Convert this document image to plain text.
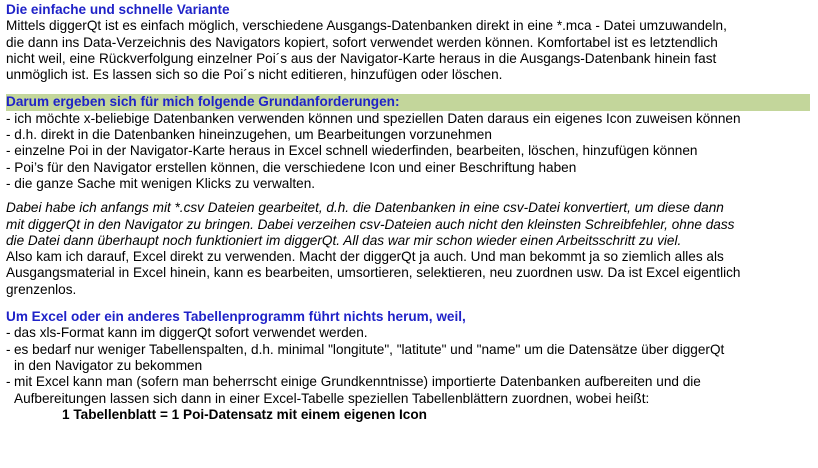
Die einfache und schnelle Variante
Mittels diggerQt ist es einfach möglich, verschiedene Ausgangs-Datenbanken direkt in eine *.mca - Datei umzuwandeln,
die dann ins Data-Verzeichnis des Navigators kopiert, sofort verwendet werden können. Komfortabel ist es letztendlich
nicht weil, eine Rückverfolgung einzelner Poi´s aus der Navigator-Karte heraus in die Ausgangs-Datenbank hinein fast
unmöglich ist. Es lassen sich so die Poi´s nicht editieren, hinzufügen oder löschen.
Darum ergeben sich für mich folgende Grundanforderungen:
- ich möchte x-beliebige Datenbanken verwenden können und speziellen Daten daraus ein eigenes Icon zuweisen können
- d.h. direkt in die Datenbanken hineinzugehen, um Bearbeitungen vorzunehmen
- einzelne Poi in der Navigator-Karte heraus in Excel schnell wiederfinden, bearbeiten, löschen, hinzufügen können
- Poi’s für den Navigator erstellen können, die verschiedene Icon und einer Beschriftung haben
- die ganze Sache mit wenigen Klicks zu verwalten.
Dabei habe ich anfangs mit *.csv Dateien gearbeitet, d.h. die Datenbanken in eine csv-Datei konvertiert, um diese dann
mit diggerQt in den Navigator zu bringen. Dabei verzeihen csv-Dateien auch nicht den kleinsten Schreibfehler, ohne dass
die Datei dann überhaupt noch funktioniert im diggerQt. All das war mir schon wieder einen Arbeitsschritt zu viel.
Also kam ich darauf, Excel direkt zu verwenden. Macht der diggerQt ja auch. Und man bekommt ja so ziemlich alles als
Ausgangsmaterial in Excel hinein, kann es bearbeiten, umsortieren, selektieren, neu zuordnen usw. Da ist Excel eigentlich
grenzenlos.
Um Excel oder ein anderes Tabellenprogramm führt nichts herum, weil,
- das xls-Format kann im diggerQt sofort verwendet werden.
- es bedarf nur weniger Tabellenspalten, d.h. minimal "longitute", "latitute" und "name" um die Datensätze über diggerQt
in den Navigator zu bekommen
- mit Excel kann man (sofern man beherrscht einige Grundkenntnisse) importierte Datenbanken aufbereiten und die
Aufbereitungen lassen sich dann in einer Excel-Tabelle speziellen Tabellenblättern zuordnen, wobei heißt:
1 Tabellenblatt = 1 Poi-Datensatz mit einem eigenen Icon
